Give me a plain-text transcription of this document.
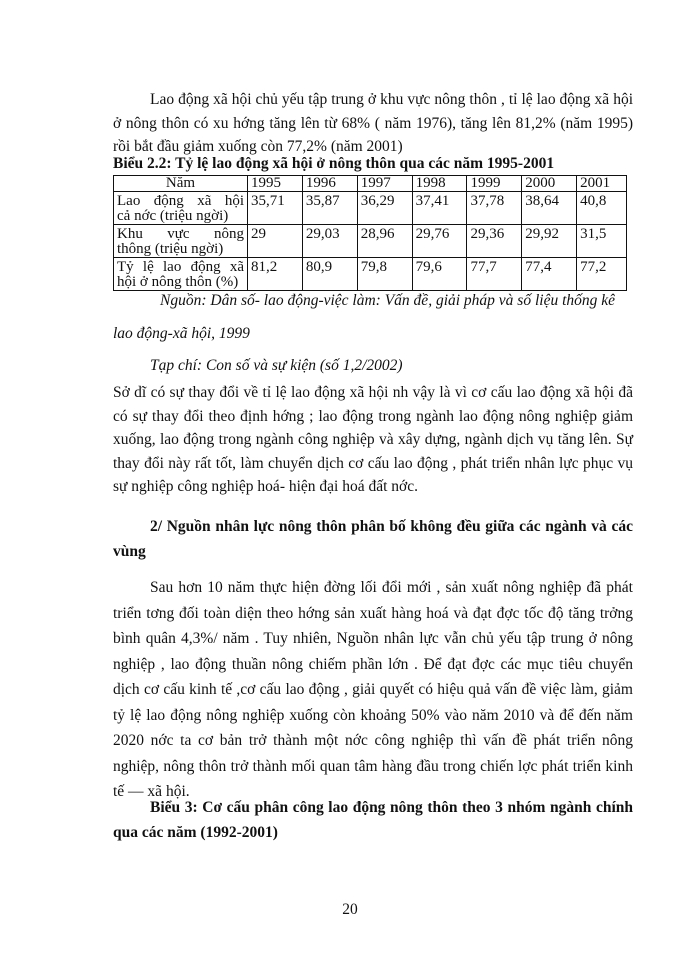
Lao động xã hội chủ yếu tập trung ở khu vực nông thôn , tỉ lệ lao động xã hội ở nông thôn có xu hớng tăng lên từ 68% ( năm 1976), tăng lên 81,2% (năm 1995) rồi bắt đầu giảm xuống còn 77,2% (năm 2001)

Biểu 2.2: Tỷ lệ lao động xã hội ở nông thôn qua các năm 1995-2001

Năm	1995	1996	1997	1998	1999	2000	2001
Lao động xã hội
cả nớc (triệu ngời)	35,71	35,87	36,29	37,41	37,78	38,64	40,8
Khu vực nông
thông (triệu ngời)	29	29,03	28,96	29,76	29,36	29,92	31,5
Tỷ lệ lao động xã
hội ở nông thôn (%)	81,2	80,9	79,8	79,6	77,7	77,4	77,2

Nguồn: Dân số- lao động-việc làm: Vấn đề, giải pháp và số liệu thống kê

lao động-xã hội, 1999

Tạp chí: Con số và sự kiện (số 1,2/2002)

Sở dĩ có sự thay đổi về tỉ lệ lao động xã hội nh vậy là vì cơ cấu lao động xã hội đã có sự thay đổi theo định hớng ; lao động trong ngành lao động nông nghiệp giảm xuống, lao động trong ngành công nghiệp và xây dựng, ngành dịch vụ tăng lên. Sự thay đổi này rất tốt, làm chuyển dịch cơ cấu lao động , phát triển nhân lực phục vụ sự nghiệp công nghiệp hoá- hiện đại hoá đất nớc.

2/ Nguồn nhân lực nông thôn phân bố không đều giữa các ngành và các vùng

Sau hơn 10 năm thực hiện đờng lối đổi mới , sản xuất nông nghiệp đã phát triển tơng đối toàn diện theo hớng sản xuất hàng hoá và đạt đợc tốc độ tăng trởng bình quân 4,3%/ năm . Tuy nhiên, Nguồn nhân lực vẫn chủ yếu tập trung ở nông nghiệp , lao động thuần nông chiếm phần lớn . Để đạt đợc các mục tiêu chuyển dịch cơ cấu kinh tế ,cơ cấu lao động , giải quyết có hiệu quả vấn đề việc làm, giảm tỷ lệ lao động nông nghiệp xuống còn khoảng 50% vào năm 2010 và để đến năm 2020 nớc ta cơ bản trở thành một nớc công nghiệp thì vấn đề phát triển nông nghiệp, nông thôn trở thành mối quan tâm hàng đầu trong chiến lợc phát triển kinh tế — xã hội.

Biểu 3: Cơ cấu phân công lao động nông thôn theo 3 nhóm ngành chính qua các năm (1992-2001)

20
